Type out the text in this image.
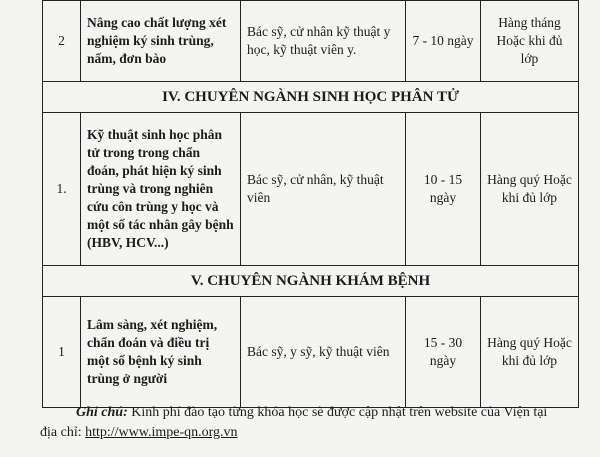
2	Nâng cao chất lượng xét nghiệm ký sinh trùng, nấm, đơn bào	Bác sỹ, cử nhân kỹ thuật y học, kỹ thuật viên y.	7 - 10 ngày	Hàng tháng Hoặc khi đủ lớp
IV. CHUYÊN NGÀNH SINH HỌC PHÂN TỬ				
1.	Kỹ thuật sinh học phân tử trong trong chẩn đoán, phát hiện ký sinh trùng và trong nghiên cứu côn trùng y học và một số tác nhân gây bệnh (HBV, HCV...)	Bác sỹ, cử nhân, kỹ thuật viên	10 - 15 ngày	Hàng quý Hoặc khi đủ lớp
V. CHUYÊN NGÀNH KHÁM BỆNH				
1	Lâm sàng, xét nghiệm, chẩn đoán và điều trị một số bệnh ký sinh trùng ở người	Bác sỹ, y sỹ, kỹ thuật viên	15 - 30 ngày	Hàng quý Hoặc khi đủ lớp
Ghi chú: Kinh phí đào tạo từng khóa học sẽ được cập nhật trên website của Viện tại
địa chỉ: http://www.impe-qn.org.vn
